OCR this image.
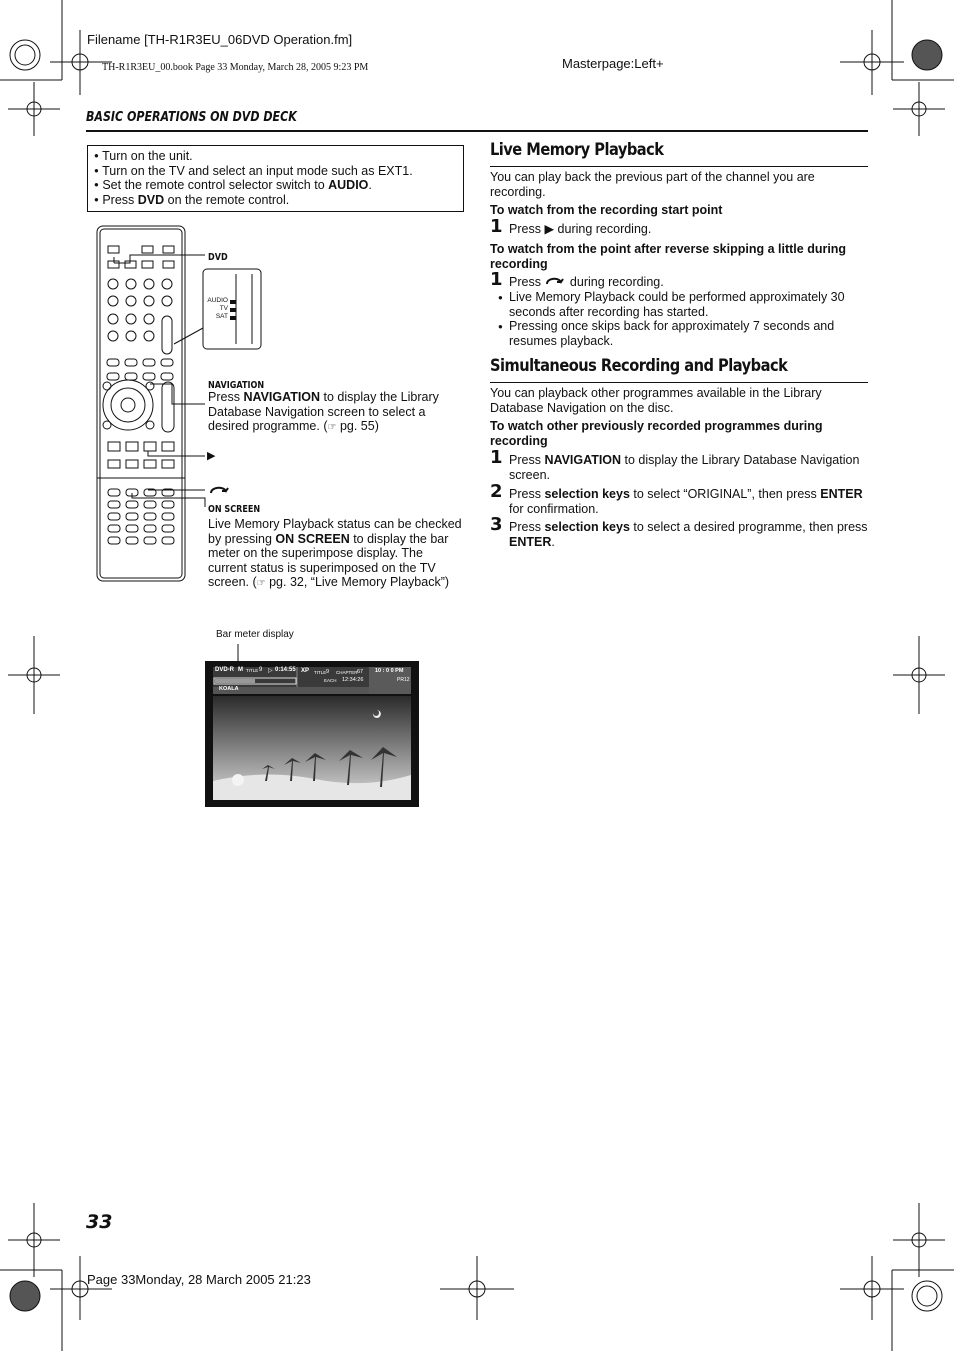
Filename [TH-R1R3EU_06DVD Operation.fm]
TH-R1R3EU_00.book Page 33 Monday, March 28, 2005 9:23 PM	Masterpage:Left+
BASIC OPERATIONS ON DVD DECK
● Turn on the unit.
● Turn on the TV and select an input mode such as EXT1.
● Set the remote control selector switch to AUDIO.
● Press DVD on the remote control.
DVD
AUDIO
TV
SAT
NAVIGATION
Press NAVIGATION to display the Library Database Navigation screen to select a desired programme. (☞ pg. 55)
▶
ON SCREEN
Live Memory Playback status can be checked by pressing ON SCREEN to display the bar meter on the superimpose display. The current status is superimposed on the TV screen. (☞ pg. 32, “Live Memory Playback”)
Bar meter display
DVD-R M TITLE 9 ▷ 0:14:55 XP TITLE 9 CHAPTER 67
EACH 12:34:26
10 : 0 0 PM
PR12
KOALA
Live Memory Playback
You can play back the previous part of the channel you are recording.
To watch from the recording start point
1 Press ▶ during recording.
To watch from the point after reverse skipping a little during recording
1 Press  during recording.
● Live Memory Playback could be performed approximately 30 seconds after recording has started.
● Pressing once skips back for approximately 7 seconds and resumes playback.
Simultaneous Recording and Playback
You can playback other programmes available in the Library Database Navigation on the disc.
To watch other previously recorded programmes during recording
1 Press NAVIGATION to display the Library Database Navigation screen.
2 Press selection keys to select “ORIGINAL”, then press ENTER for confirmation.
3 Press selection keys to select a desired programme, then press ENTER.
33
Page 33Monday, 28 March 2005 21:23
